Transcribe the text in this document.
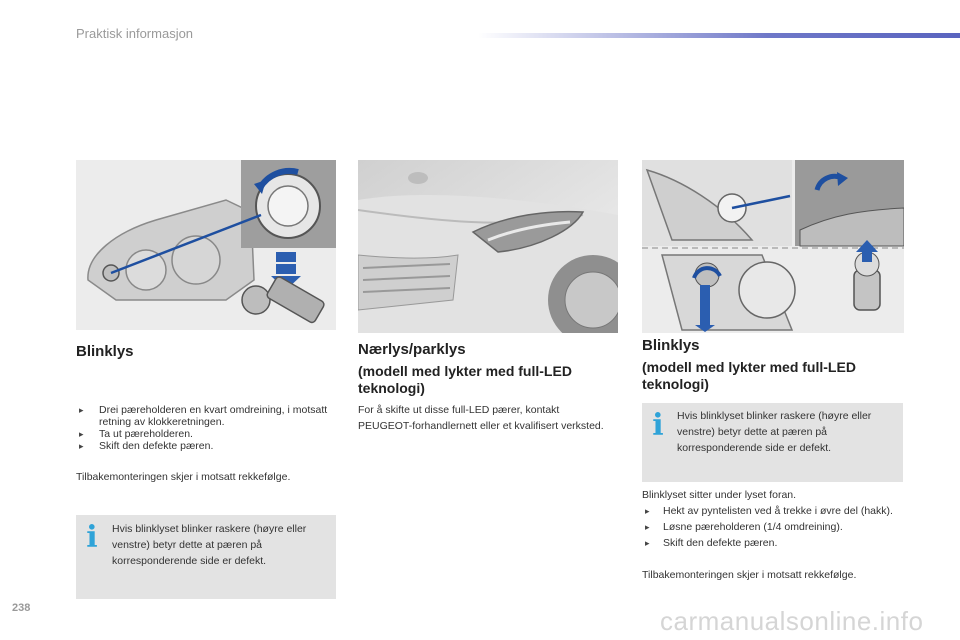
Praktisk informasjon
Blinklys
▸ Drei pæreholderen en kvart omdreining, i motsatt retning av klokkeretningen.
▸ Ta ut pæreholderen.
▸ Skift den defekte pæren.
Tilbakemonteringen skjer i motsatt rekkefølge.
i Hvis blinklyset blinker raskere (høyre eller venstre) betyr dette at pæren på korresponderende side er defekt.
Nærlys/parklys
(modell med lykter med full-LED teknologi)
For å skifte ut disse full-LED pærer, kontakt PEUGEOT-forhandlernett eller et kvalifisert verksted.
Blinklys
(modell med lykter med full-LED teknologi)
i Hvis blinklyset blinker raskere (høyre eller venstre) betyr dette at pæren på korresponderende side er defekt.
Blinklyset sitter under lyset foran.
▸ Hekt av pyntelisten ved å trekke i øvre del (hakk).
▸ Løsne pæreholderen (1/4 omdreining).
▸ Skift den defekte pæren.
Tilbakemonteringen skjer i motsatt rekkefølge.
238	carmanualsonline.info
